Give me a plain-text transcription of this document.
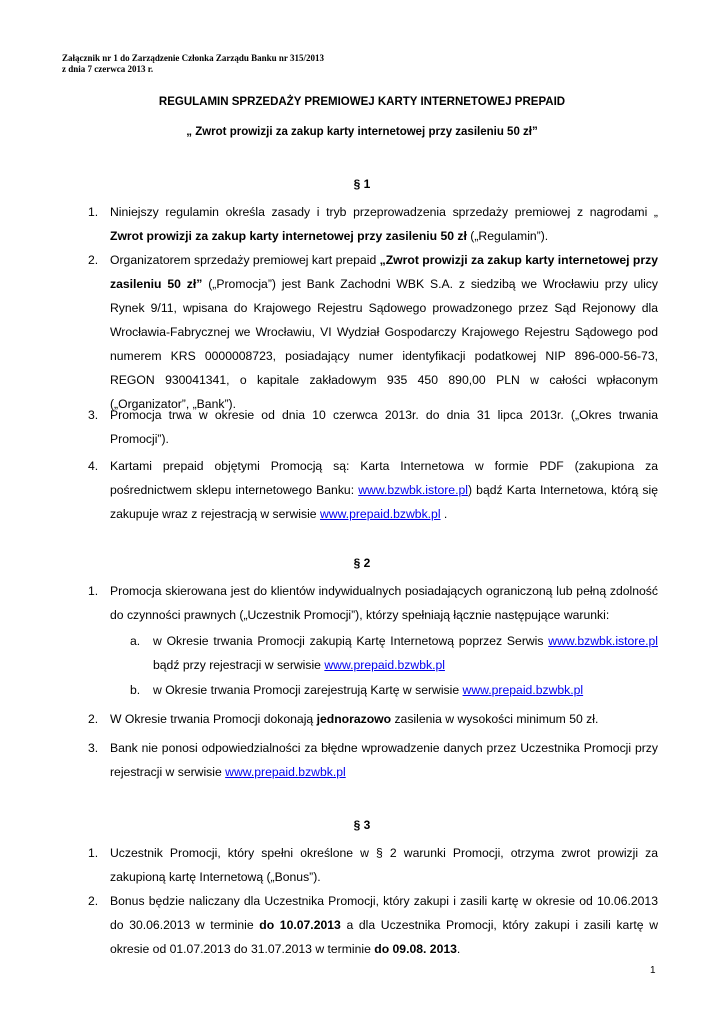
Załącznik nr 1 do Zarządzenie Członka Zarządu Banku nr 315/2013
z dnia 7 czerwca 2013 r.
REGULAMIN SPRZEDAŻY PREMIOWEJ KARTY INTERNETOWEJ PREPAID
„ Zwrot prowizji za zakup karty internetowej przy zasileniu 50 zł”
§ 1
1. Niniejszy regulamin określa zasady i tryb przeprowadzenia sprzedaży premiowej z nagrodami „ Zwrot prowizji za zakup karty internetowej przy zasileniu 50 zł („Regulamin”).
2. Organizatorem sprzedaży premiowej kart prepaid „Zwrot prowizji za zakup karty internetowej przy zasileniu 50 zł” („Promocja”) jest Bank Zachodni WBK S.A. z siedzibą we Wrocławiu przy ulicy Rynek 9/11, wpisana do Krajowego Rejestru Sądowego prowadzonego przez Sąd Rejonowy dla Wrocławia-Fabrycznej we Wrocławiu, VI Wydział Gospodarczy Krajowego Rejestru Sądowego pod numerem KRS 0000008723, posiadający numer identyfikacji podatkowej NIP 896-000-56-73, REGON 930041341, o kapitale zakładowym 935 450 890,00 PLN w całości wpłaconym („Organizator”, „Bank”).
3. Promocja trwa w okresie od dnia 10 czerwca 2013r. do dnia 31 lipca 2013r. („Okres trwania Promocji”).
4. Kartami prepaid objętymi Promocją są: Karta Internetowa w formie PDF (zakupiona za pośrednictwem sklepu internetowego Banku: www.bzwbk.istore.pl) bądź Karta Internetowa, którą się zakupuje wraz z rejestracją w serwisie www.prepaid.bzwbk.pl .
§ 2
1. Promocja skierowana jest do klientów indywidualnych posiadających ograniczoną lub pełną zdolność do czynności prawnych („Uczestnik Promocji”), którzy spełniają łącznie następujące warunki:
a. w Okresie trwania Promocji zakupią Kartę Internetową poprzez Serwis www.bzwbk.istore.pl bądź przy rejestracji w serwisie www.prepaid.bzwbk.pl
b. w Okresie trwania Promocji zarejestrują Kartę w serwisie www.prepaid.bzwbk.pl
2. W Okresie trwania Promocji dokonają jednorazowo zasilenia w wysokości minimum 50 zł.
3. Bank nie ponosi odpowiedzialności za błędne wprowadzenie danych przez Uczestnika Promocji przy rejestracji w serwisie www.prepaid.bzwbk.pl
§ 3
1. Uczestnik Promocji, który spełni określone w § 2 warunki Promocji, otrzyma zwrot prowizji za zakupioną kartę Internetową („Bonus”).
2. Bonus będzie naliczany dla Uczestnika Promocji, który zakupi i zasili kartę w okresie od 10.06.2013 do 30.06.2013 w terminie do 10.07.2013 a dla Uczestnika Promocji, który zakupi i zasili kartę w okresie od 01.07.2013 do 31.07.2013 w terminie do 09.08. 2013.
1
